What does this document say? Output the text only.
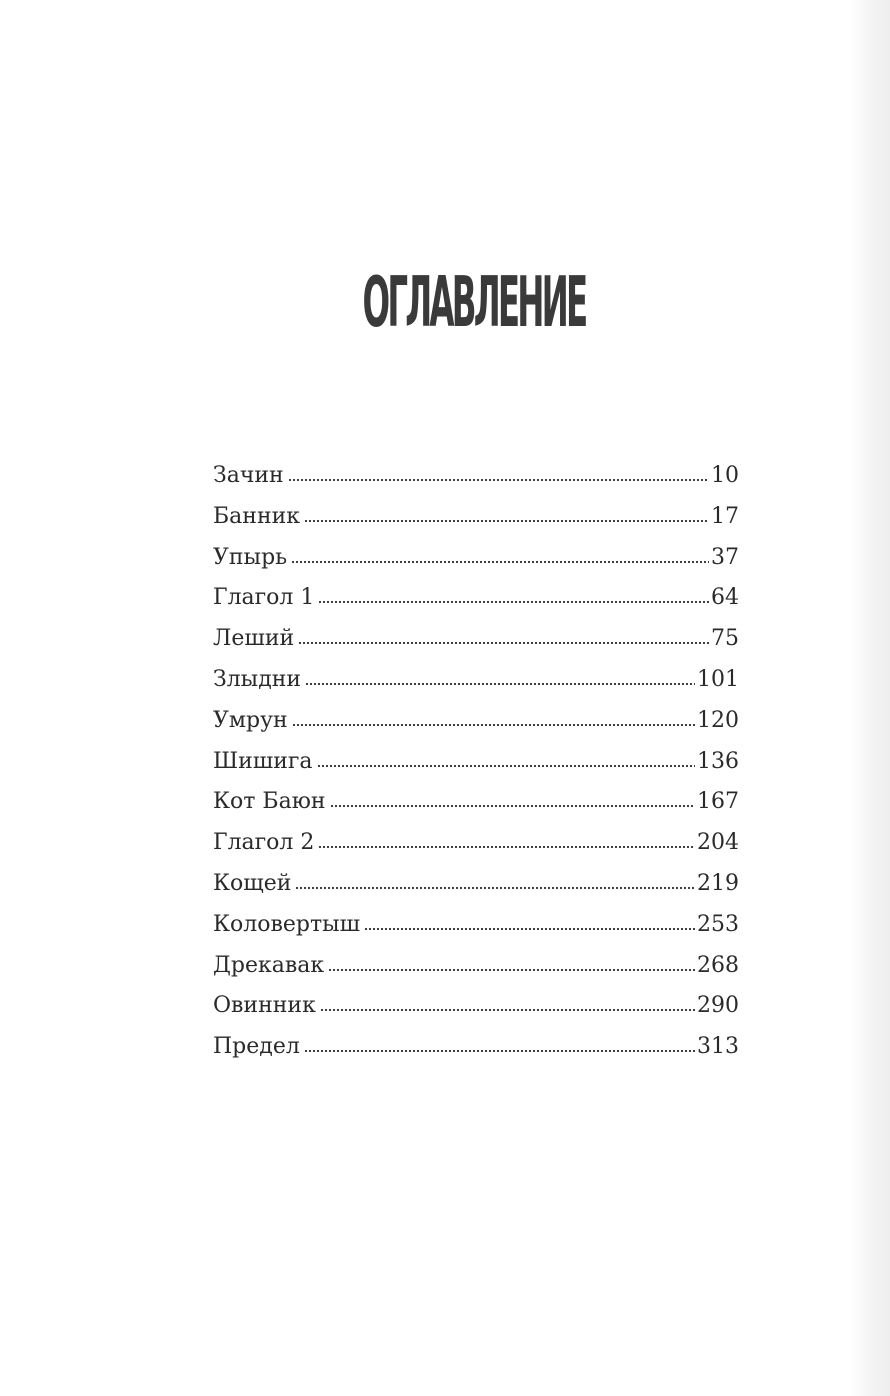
ОГЛАВЛЕНИЕ
Зачин	10
Банник	17
Упырь	37
Глагол 1	64
Леший	75
Злыдни	101
Умрун	120
Шишига	136
Кот Баюн	167
Глагол 2	204
Кощей	219
Коловертыш	253
Дрекавак	268
Овинник	290
Предел	313
